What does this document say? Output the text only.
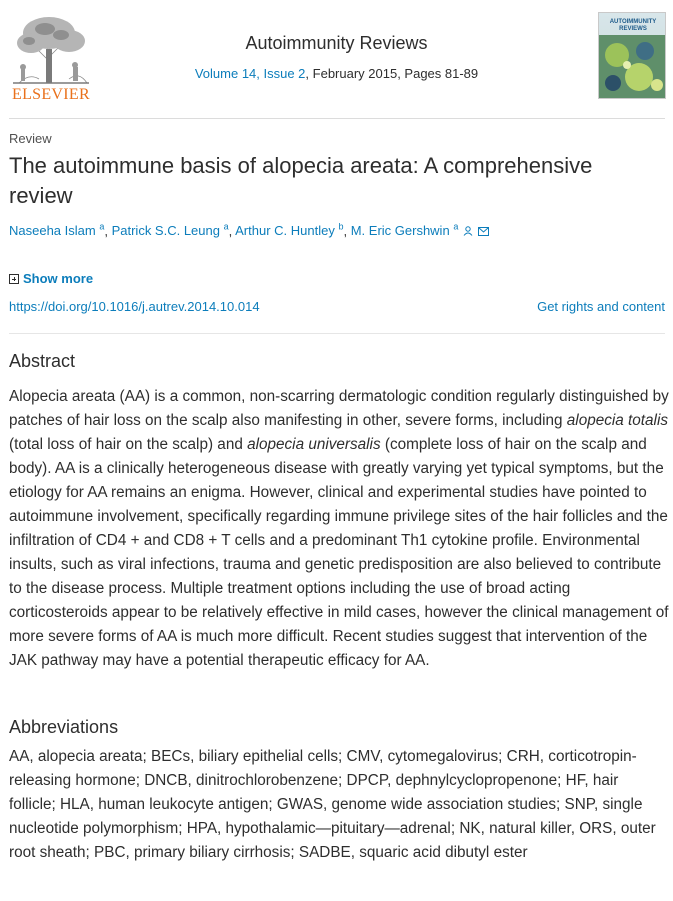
ELSEVIER
Autoimmunity Reviews
Volume 14, Issue 2, February 2015, Pages 81-89
AUTOIMMUNITY REVIEWS
Review
The autoimmune basis of alopecia areata: A comprehensive review
Naseeha Islam $^a$, Patrick S.C. Leung $^a$, Arthur C. Huntley $^b$, M. Eric Gershwin $^a$
Show more
https://doi.org/10.1016/j.autrev.2014.10.014	Get rights and content
Abstract

Alopecia areata (AA) is a common, non-scarring dermatologic condition regularly distinguished by patches of hair loss on the scalp also manifesting in other, severe forms, including alopecia totalis (total loss of hair on the scalp) and alopecia universalis (complete loss of hair on the scalp and body). AA is a clinically heterogeneous disease with greatly varying yet typical symptoms, but the etiology for AA remains an enigma. However, clinical and experimental studies have pointed to autoimmune involvement, specifically regarding immune privilege sites of the hair follicles and the infiltration of CD4 + and CD8 + T cells and a predominant Th1 cytokine profile. Environmental insults, such as viral infections, trauma and genetic predisposition are also believed to contribute to the disease process. Multiple treatment options including the use of broad acting corticosteroids appear to be relatively effective in mild cases, however the clinical management of more severe forms of AA is much more difficult. Recent studies suggest that intervention of the JAK pathway may have a potential therapeutic efficacy for AA.

Abbreviations

AA, alopecia areata; BECs, biliary epithelial cells; CMV, cytomegalovirus; CRH, corticotropin-releasing hormone; DNCB, dinitrochlorobenzene; DPCP, dephnylcyclopropenone; HF, hair follicle; HLA, human leukocyte antigen; GWAS, genome wide association studies; SNP, single nucleotide polymorphism; HPA, hypothalamic—pituitary—adrenal; NK, natural killer, ORS, outer root sheath; PBC, primary biliary cirrhosis; SADBE, squaric acid dibutyl ester
